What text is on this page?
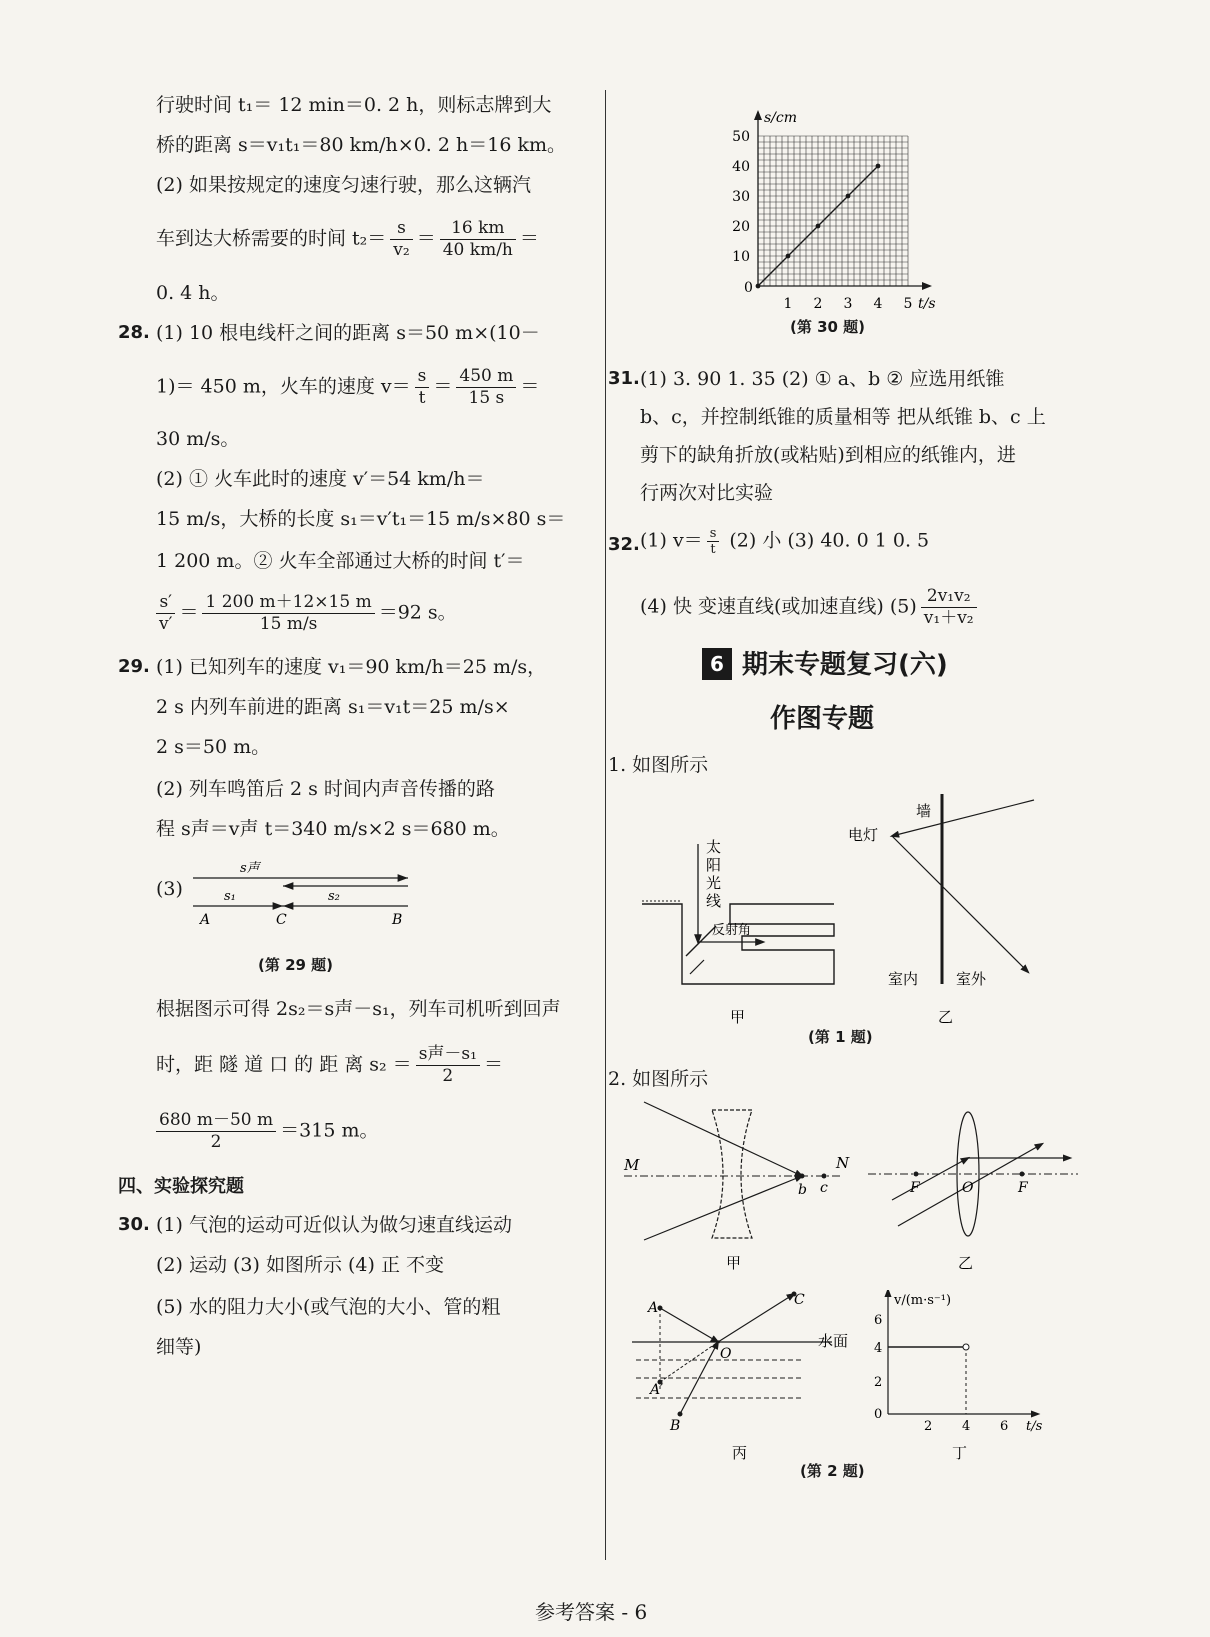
行驶时间 t₁＝ 12 min＝0. 2 h，则标志牌到大
桥的距离 s＝v₁t₁＝80 km/h×0. 2 h＝16 km。
(2) 如果按规定的速度匀速行驶，那么这辆汽
车到达大桥需要的时间 $t_2= \frac{s}{\text{v₂}} = \frac{16 km}{40 km/h}$ ＝
0. 4 h。
28. (1) 10 根电线杆之间的距离 s＝50 m×(10－
1)＝ 450 m，火车的速度 $v= \frac{s}{t} = \frac{450 m}{15 s}$ ＝
30 m/s。
(2) ① 火车此时的速度 v′＝54 km/h＝
15 m/s，大桥的长度 s₁＝v′t₁＝15 m/s×80 s＝
1 200 m。② 火车全部通过大桥的时间 t′＝
$\frac{s'}{v'} = \frac{1 200 m+12\times 15 m}{15 m/s} =92$ s。
29. (1) 已知列车的速度 v₁＝90 km/h＝25 m/s，
2 s 内列车前进的距离 s₁＝v₁t＝25 m/s×
2 s＝50 m。
(2) 列车鸣笛后 2 s 时间内声音传播的路
程 s声＝v声 t＝340 m/s×2 s＝680 m。
(3)
s声
s₁	s₂
A	C	B
(第 29 题)
根据图示可得 2s₂＝s声－s₁，列车司机听到回声
时，距 隧 道 口 的 距 离 $s_2 = \frac{\text{s声－s₁}}{2}$ ＝
$\frac{680 m-50 m}{2} =315$ m。
四、实验探究题
30. (1) 气泡的运动可近似认为做匀速直线运动
(2) 运动 (3) 如图所示 (4) 正 不变
(5) 水的阻力大小(或气泡的大小、管的粗
细等)
s/cm
t/s
0
10
20
30
40
50
1 2 3 4 5
(第 30 题)
31. (1) 3. 90 1. 35 (2) ① a、b ② 应选用纸锥
b、c，并控制纸锥的质量相等 把从纸锥 b、c 上
剪下的缺角折放(或粘贴)到相应的纸锥内，进
行两次对比实验
32. (1) $v= \frac{s}{t} (2)$ 小 (3) 40. 0 1 0. 5
(4) 快 变速直线(或加速直线) $(5) \frac{\text{2v₁v₂}}{\text{v₁＋v₂}}$
6 期末专题复习(六)
作图专题
1. 如图所示
太
阳
光
线
反射角
甲
墙
电灯
室内	室外
乙
(第 1 题)
2. 如图所示
M	N
b c
甲
F	O	F
乙
A	C
O
A′
B
水面
丙
v/(m·s⁻¹)
t/s
6
4
2
0
2 4 6
丁
(第 2 题)
参考答案 - 6
